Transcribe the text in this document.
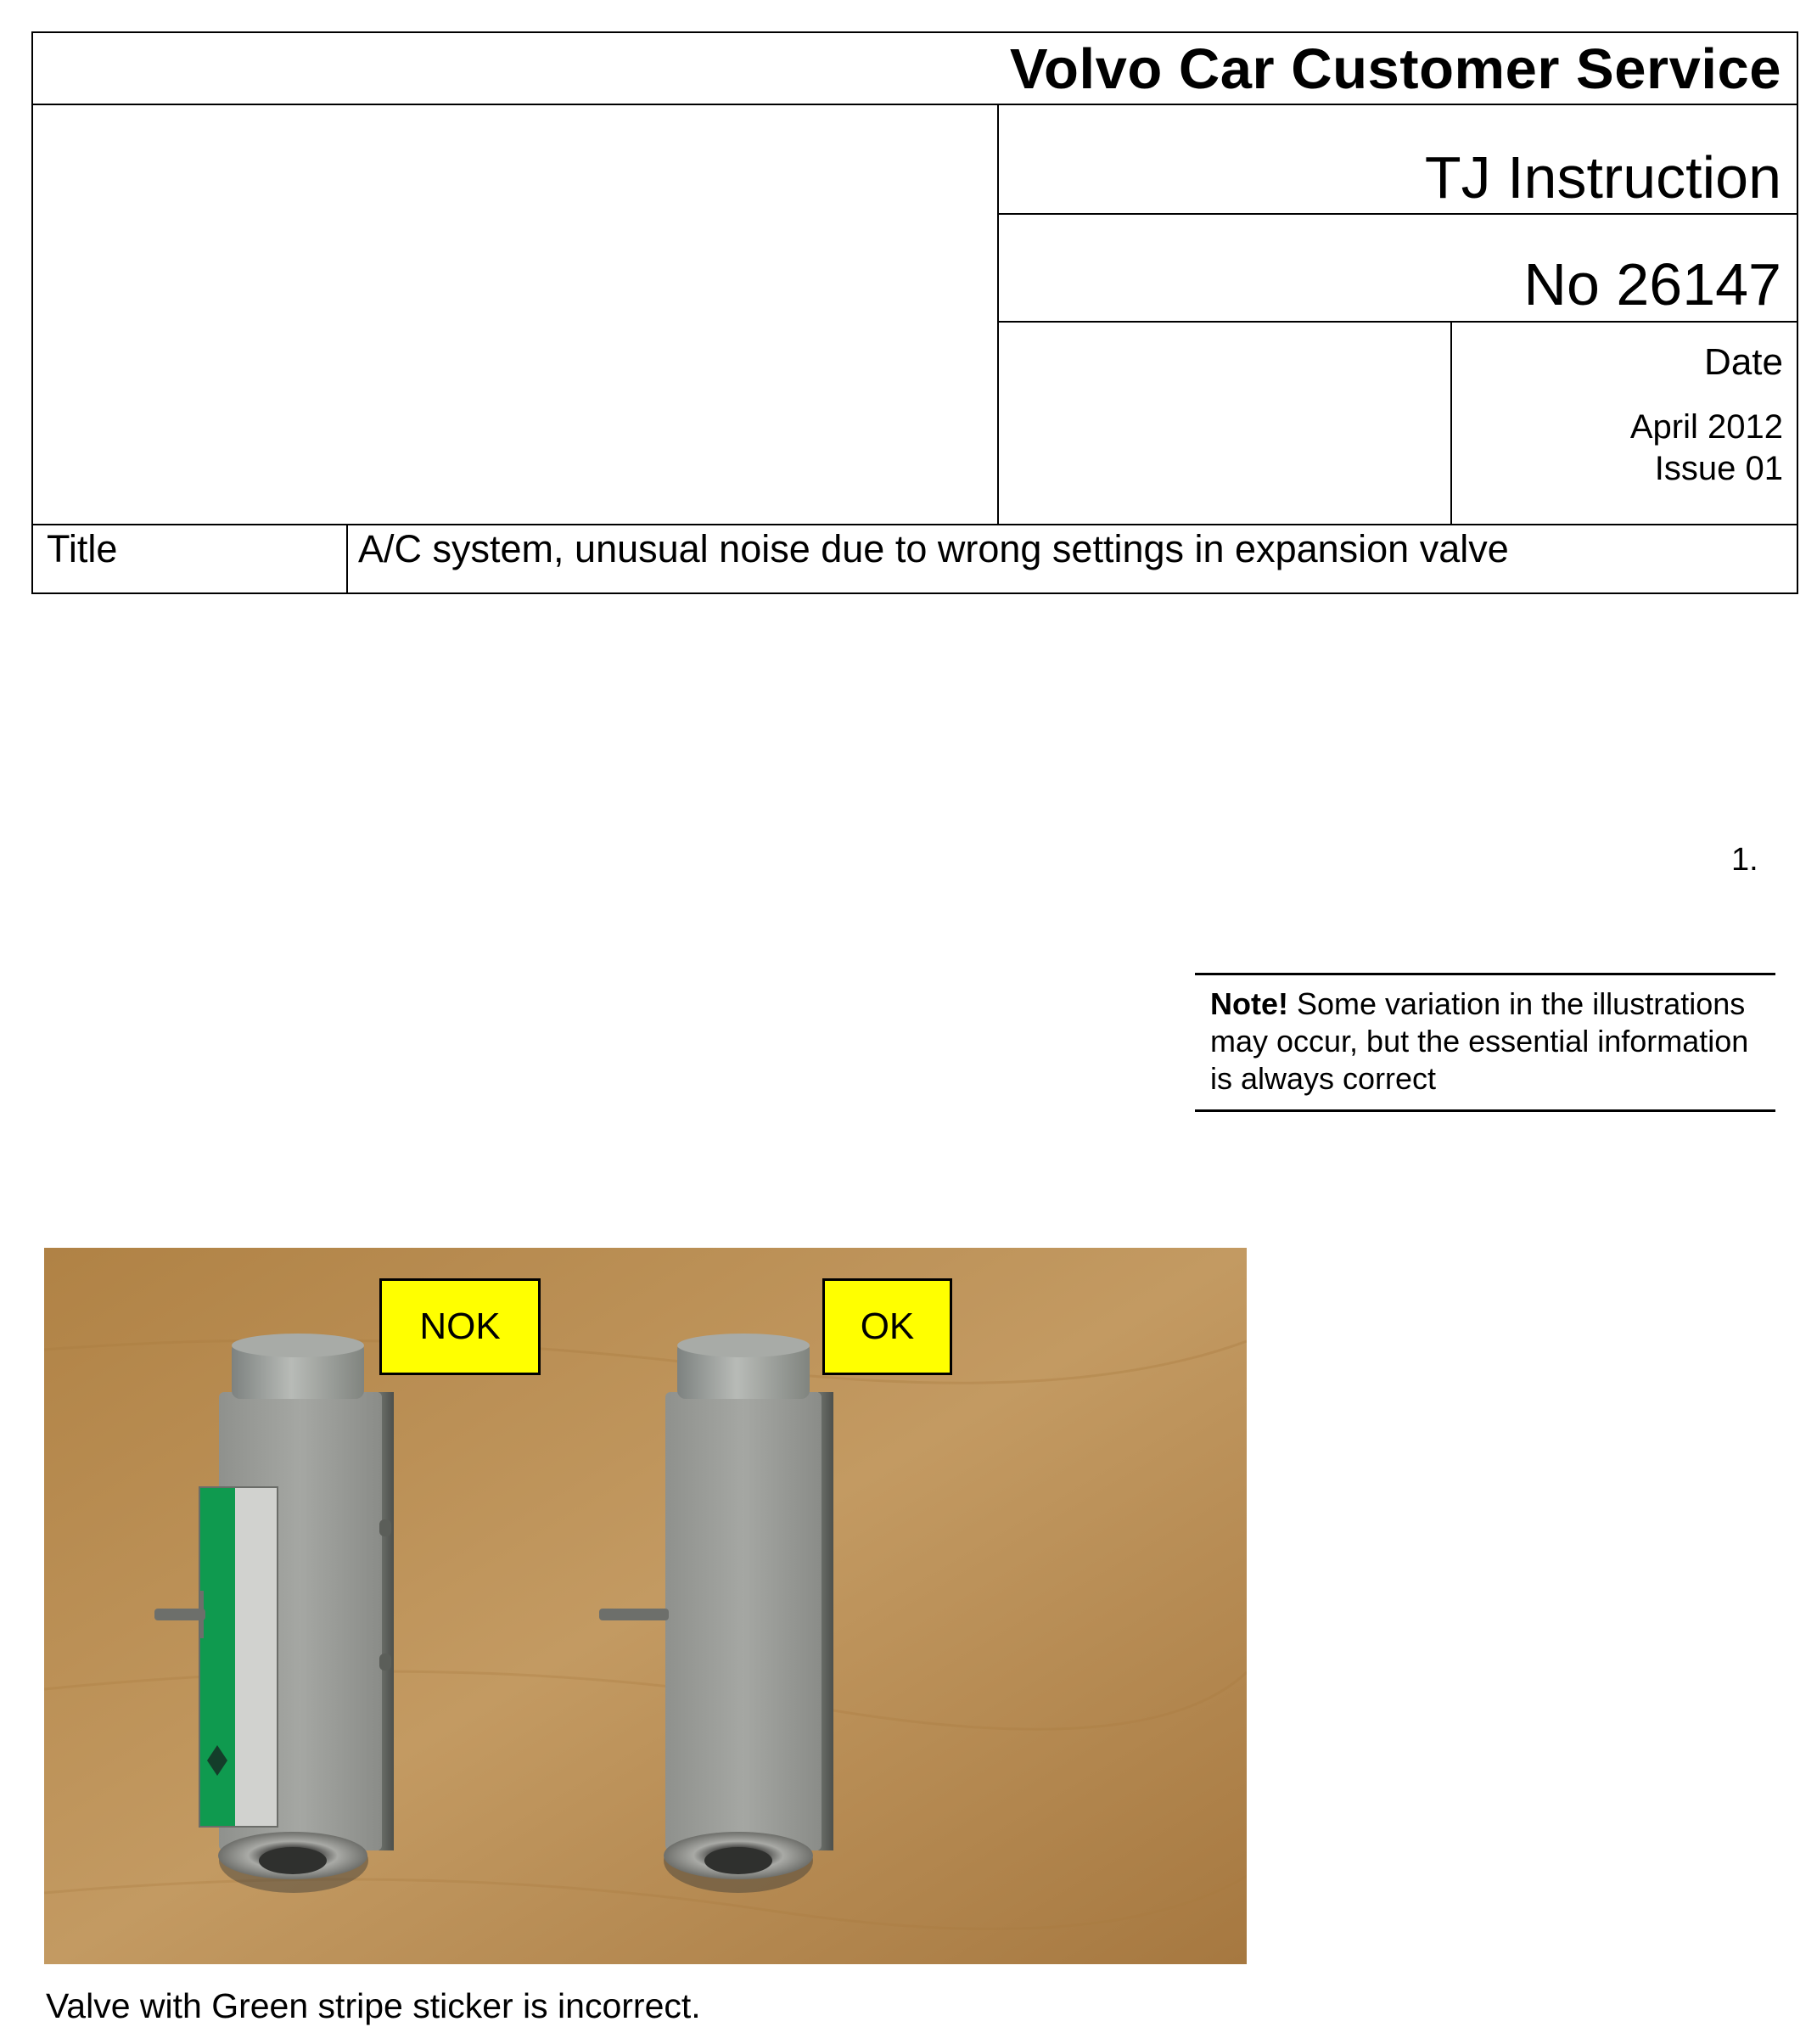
Volvo Car Customer Service
TJ Instruction
No 26147
Date
April 2012
Issue 01
Title	A/C system, unusual noise due to wrong settings in expansion valve
1.
Note! Some variation in the illustrations may occur, but the essential information is always correct
NOK	OK
Valve with Green stripe sticker is incorrect.
